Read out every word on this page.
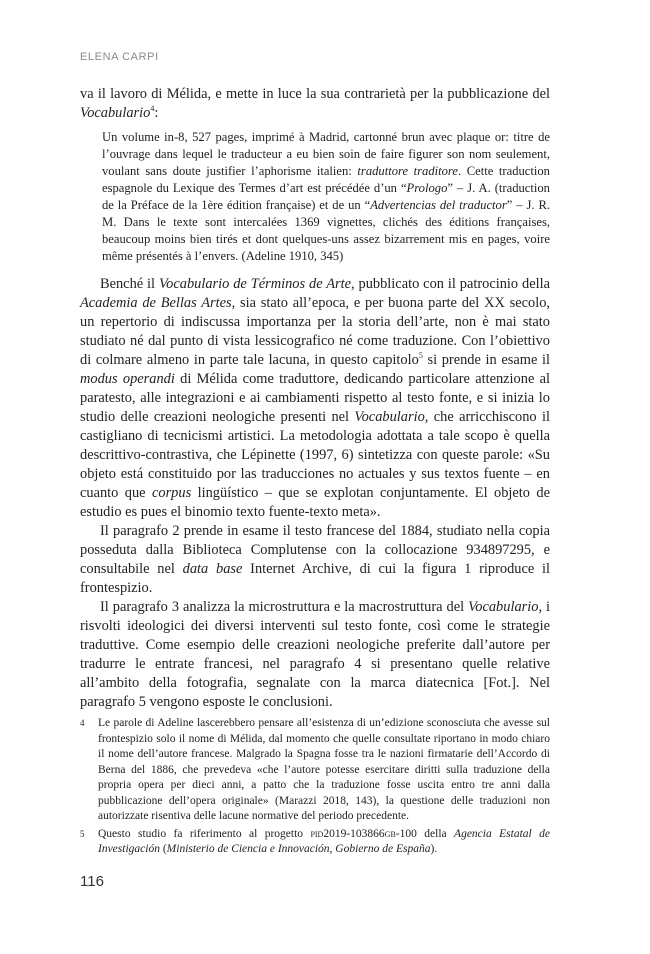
ELENA CARPI

va il lavoro di Mélida, e mette in luce la sua contrarietà per la pubblicazione del Vocabulario$^4$:

Un volume in-8, 527 pages, imprimé à Madrid, cartonné brun avec plaque or: titre de l’ouvrage dans lequel le traducteur a eu bien soin de faire figurer son nom seulement, voulant sans doute justifier l’aphorisme italien: traduttore traditore. Cette traduction espagnole du Lexique des Termes d’art est précédée d’un “Prologo” – J. A. (traduction de la Préface de la 1ère édition française) et de un “Advertencias del traductor” – J. R. M. Dans le texte sont intercalées 1369 vignettes, clichés des éditions françaises, beaucoup moins bien tirés et dont quelques-uns assez bizarrement mis en pages, voire même présentés à l’envers. (Adeline 1910, 345)

Benché il Vocabulario de Términos de Arte, pubblicato con il patrocinio della Academia de Bellas Artes, sia stato all’epoca, e per buona parte del XX secolo, un repertorio di indiscussa importanza per la storia dell’arte, non è mai stato studiato né dal punto di vista lessicografico né come traduzione. Con l’obiettivo di colmare almeno in parte tale lacuna, in questo capitolo$^5$ si prende in esame il modus operandi di Mélida come traduttore, dedicando particolare attenzione al paratesto, alle integrazioni e ai cambiamenti rispetto al testo fonte, e si inizia lo studio delle creazioni neologiche presenti nel Vocabulario, che arricchiscono il castigliano di tecnicismi artistici. La metodologia adottata a tale scopo è quella descrittivo-contrastiva, che Lépinette (1997, 6) sintetizza con queste parole: «Su objeto está constituido por las traducciones no actuales y sus textos fuente – en cuanto que corpus lingüístico – que se explotan conjuntamente. El objeto de estudio es pues el binomio texto fuente-texto meta».

Il paragrafo 2 prende in esame il testo francese del 1884, studiato nella copia posseduta dalla Biblioteca Complutense con la collocazione 934897295, e consultabile nel data base Internet Archive, di cui la figura 1 riproduce il frontespizio.

Il paragrafo 3 analizza la microstruttura e la macrostruttura del Vocabulario, i risvolti ideologici dei diversi interventi sul testo fonte, così come le strategie traduttive. Come esempio delle creazioni neologiche preferite dall’autore per tradurre le entrate francesi, nel paragrafo 4 si presentano quelle relative all’ambito della fotografia, segnalate con la marca diatecnica [Fot.]. Nel paragrafo 5 vengono esposte le conclusioni.

4	Le parole di Adeline lascerebbero pensare all’esistenza di un’edizione sconosciuta che avesse sul frontespizio solo il nome di Mélida, dal momento che quelle consultate riportano in modo chiaro il nome dell’autore francese. Malgrado la Spagna fosse tra le nazioni firmatarie dell’Accordo di Berna del 1886, che prevedeva «che l’autore potesse esercitare diritti sulla traduzione della propria opera per dieci anni, a patto che la traduzione fosse uscita entro tre anni dalla pubblicazione dell’opera originale» (Marazzi 2018, 143), la questione delle traduzioni non autorizzate risentiva delle lacune normative del periodo precedente.
5	Questo studio fa riferimento al progetto pid2019-103866gb-100 della Agencia Estatal de Investigación (Ministerio de Ciencia e Innovación, Gobierno de España).
116
